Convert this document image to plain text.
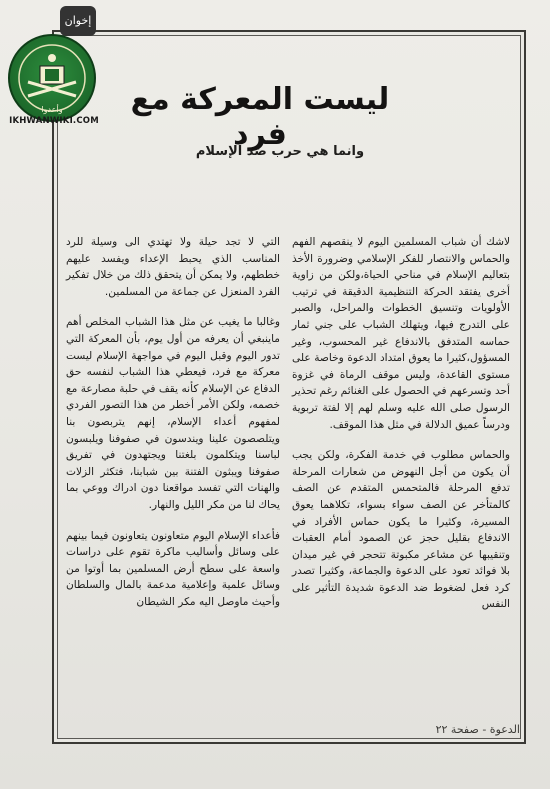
إخوان
وأعدوا
IKHWANWIKI.COM
ليست المعركة مع فرد
وانما هي حرب ضد الإسلام

لاشك أن شباب المسلمين اليوم لا ينقصهم الفهم والحماس والانتصار للفكر الإسلامي وضرورة الأخذ بتعاليم الإسلام في مناحي الحياة،ولكن من زاوية أخرى يفتقد الحركة التنظيمية الدقيقة في ترتيب الأولويات وتنسيق الخطوات والمراحل، والصبر على التدرج فيها، ويتهلك الشباب على جني ثمار حماسه المتدفق بالاندفاع غير المحسوب، وغير المسؤول،كثيرا ما يعوق امتداد الدعوة وخاصة على مستوى القاعدة، وليس موقف الرماة في غزوة أحد وتسرعهم في الحصول على الغنائم رغم تحذير الرسول صلى الله عليه وسلم لهم إلا لفتة تربوية ودرساً عميق الدلالة في مثل هذا الموقف.

والحماس مطلوب في خدمة الفكرة، ولكن يجب أن يكون من أجل النهوض من شعارات المرحلة تدفع المرحلة فالمتحمس المتقدم عن الصف كالمتأخر عن الصف سواء بسواء، تكلاهما يعوق المسيرة، وكثيرا ما يكون حماس الأفراد في الاندفاع بقليل حجز عن الصمود أمام العقبات وتنقيبها عن مشاعر مكبوتة تتحجر في غير ميدان بلا فوائد تعود على الدعوة والجماعة، وكثيرا تصدر كرد فعل لضغوط ضد الدعوة شديدة التأثير على النفس

التي لا تجد حيلة ولا تهتدي الى وسيلة للرد المناسب الذي يحبط الإعداء ويفسد عليهم خططهم، ولا يمكن أن يتحقق ذلك من خلال تفكير الفرد المنعزل عن جماعة من المسلمين.

وغالبا ما يغيب عن مثل هذا الشباب المخلص أهم ماينبغي أن يعرفه من أول يوم، بأن المعركة التي تدور اليوم وقبل اليوم في مواجهة الإسلام ليست معركة مع فرد، فيعطي هذا الشباب لنفسه حق الدفاع عن الإسلام كأنه يقف في حلبة مصارعة مع خصمه، ولكن الأمر أخطر من هذا التصور الفردي لمفهوم أعداء الإسلام، إنهم يتربصون بنا ويتلصصون علينا ويندسون في صفوفنا ويلبسون لباسنا ويتكلمون بلغتنا ويجتهدون في تفريق صفوفنا ويبثون الفتنة بين شبابنا، فتكثر الزلات والهنات التي تفسد مواقعنا دون ادراك ووعي بما يحاك لنا من مكر الليل والنهار.

فأعداء الإسلام اليوم متعاونون يتعاونون فيما بينهم على وسائل وأساليب ماكرة تقوم على دراسات واسعة على سطح أرض المسلمين بما أوتوا من وسائل علمية وإعلامية مدعمة بالمال والسلطان وأحيث ماوصل اليه مكر الشيطان

الدعوة - صفحة ٢٢
